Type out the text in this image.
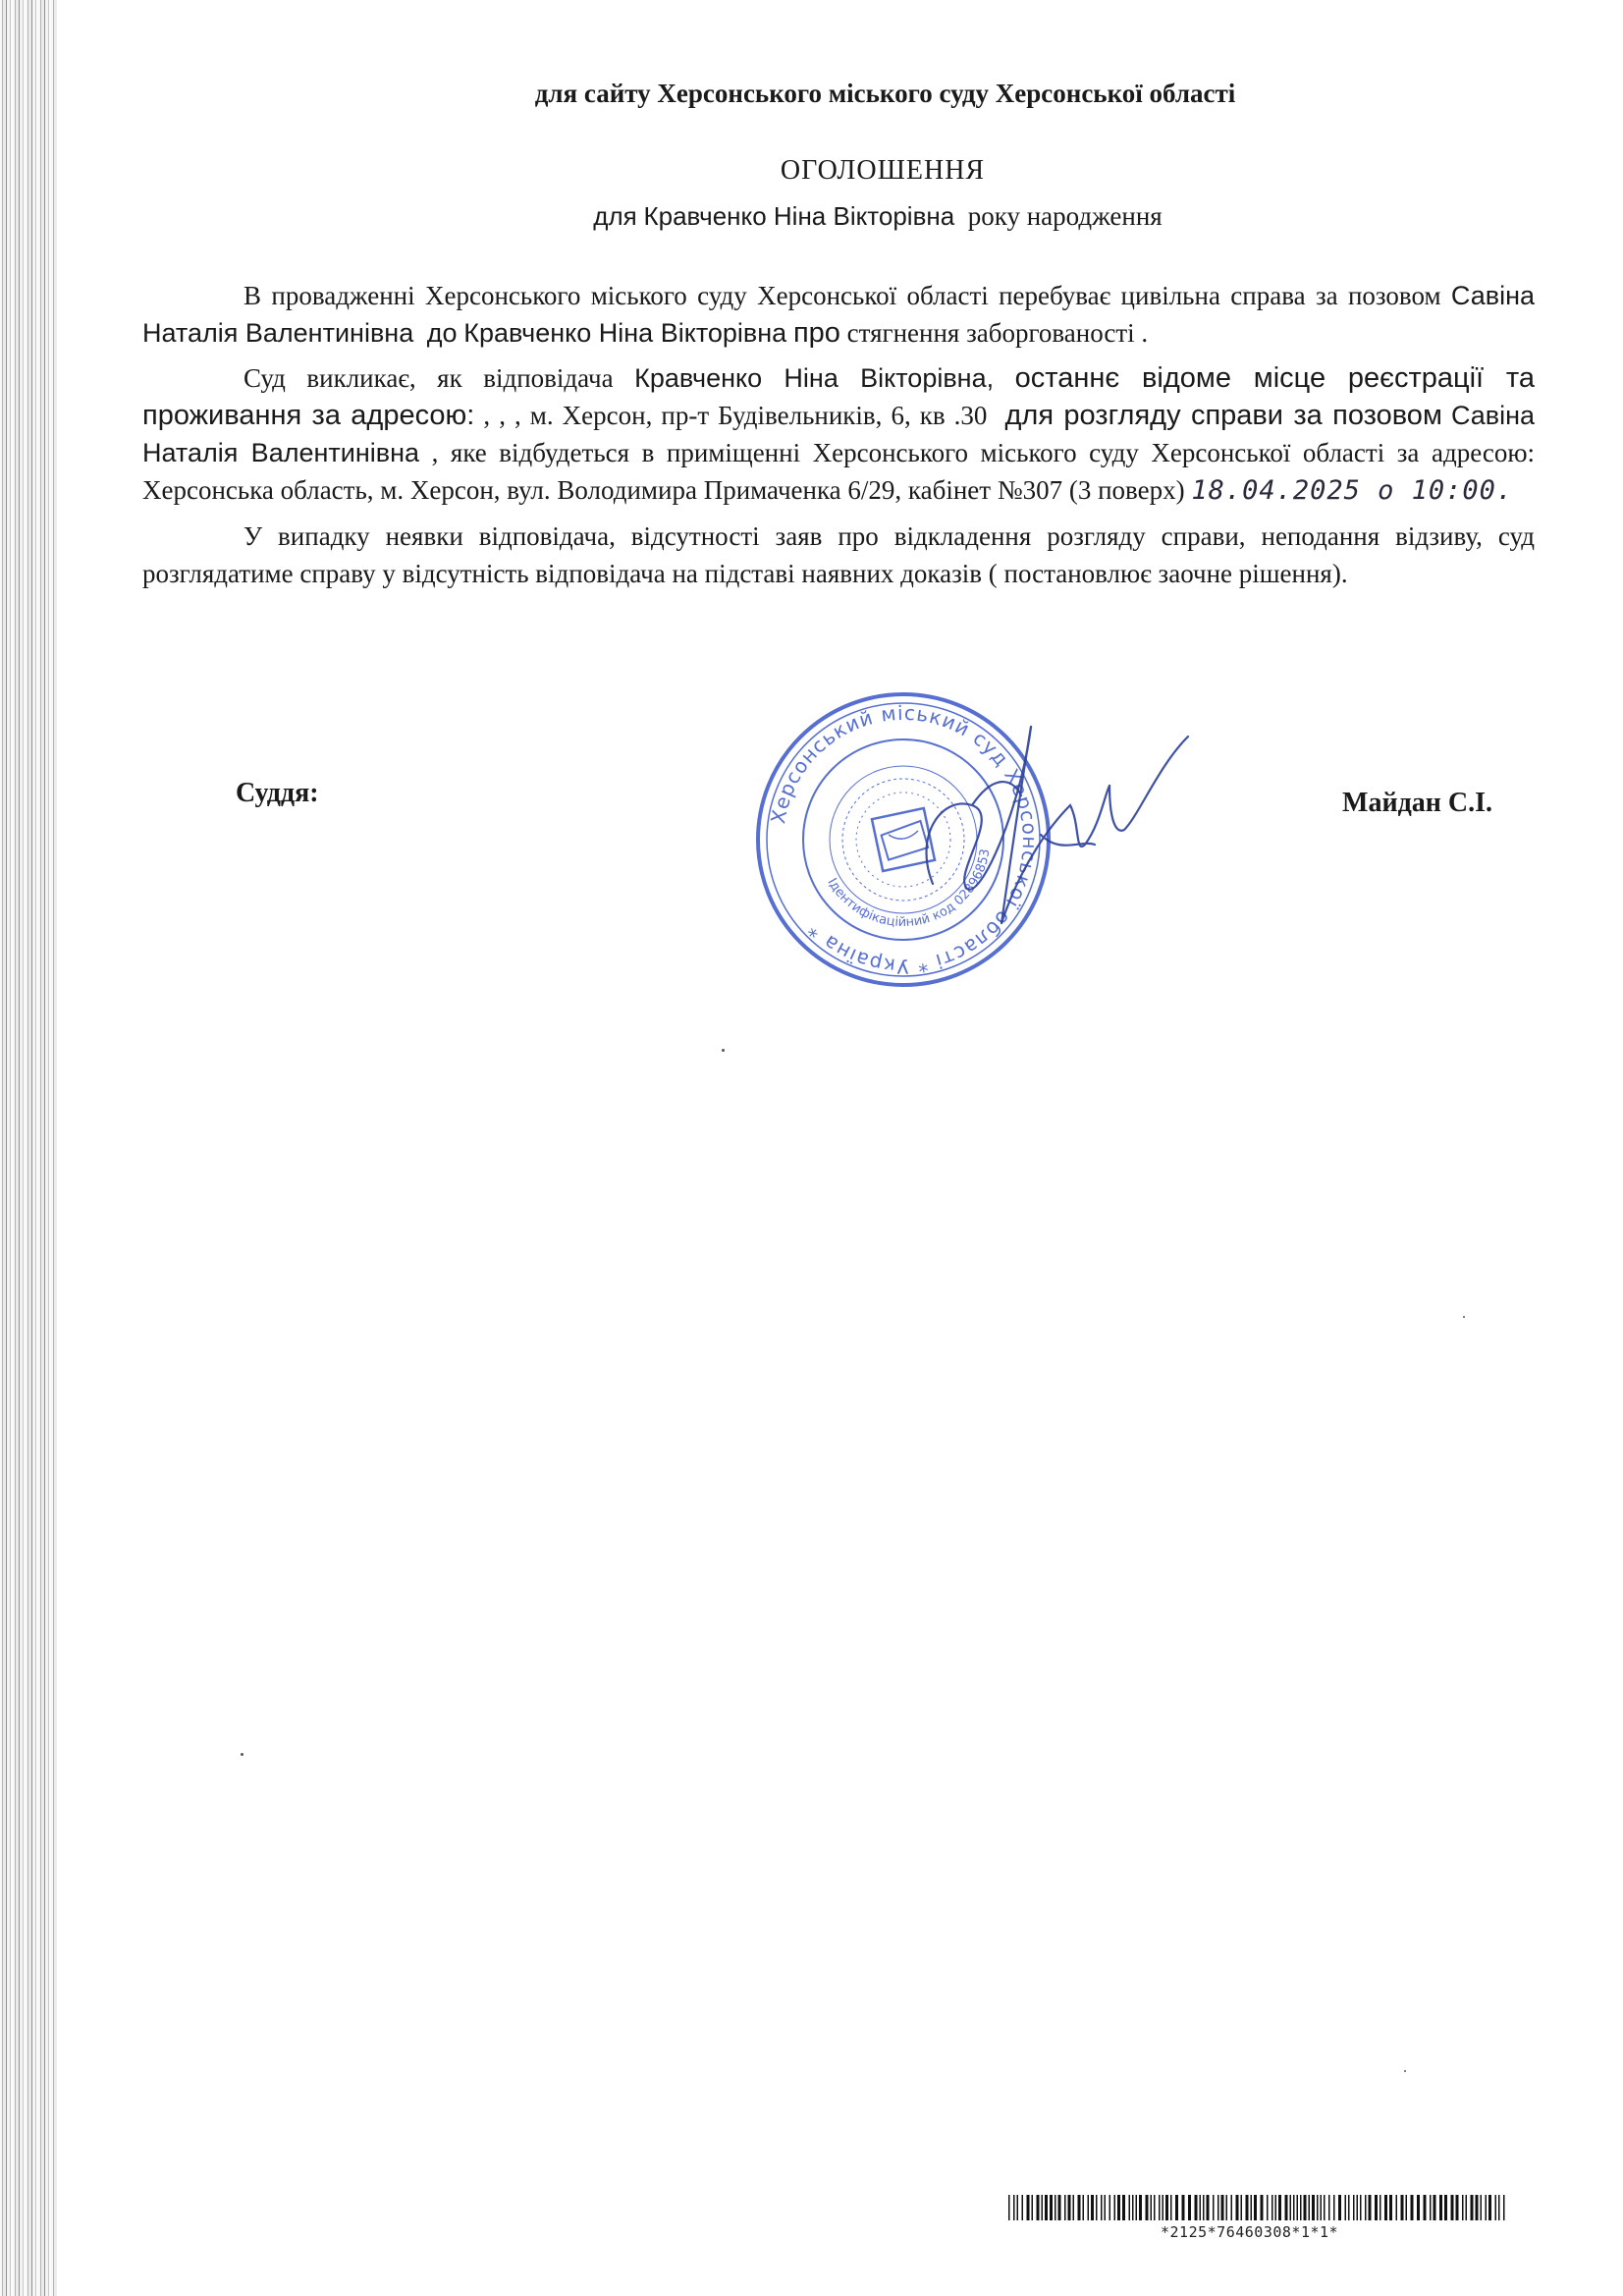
для сайту Херсонського міського суду Херсонської області
ОГОЛОШЕННЯ
для Кравченко Ніна Вікторівна року народження

В провадженні Херсонського міського суду Херсонської області перебуває цивільна справа за позовом Савіна Наталія Валентинівна до Кравченко Ніна Вікторівна про стягнення заборгованості .

Суд викликає, як відповідача Кравченко Ніна Вікторівна, останнє відоме місце реєстрації та проживання за адресою: , , , м. Херсон, пр-т Будівельників, 6, кв .30 для розгляду справи за позовом Савіна Наталія Валентинівна , яке відбудеться в приміщенні Херсонського міського суду Херсонської області за адресою: Херсонська область, м. Херсон, вул. Володимира Примаченка 6/29, кабінет №307 (3 поверх) 18.04.2025 о 10:00.

У випадку неявки відповідача, відсутності заяв про відкладення розгляду справи, неподання відзиву, суд розглядатиме справу у відсутність відповідача на підставі наявних доказів ( постановлює заочне рішення).

Суддя:	Майдан С.І.
Херсонський міський суд Херсонської області * Україна *
Ідентифікаційний код 02896853
*2125*76460308*1*1*
